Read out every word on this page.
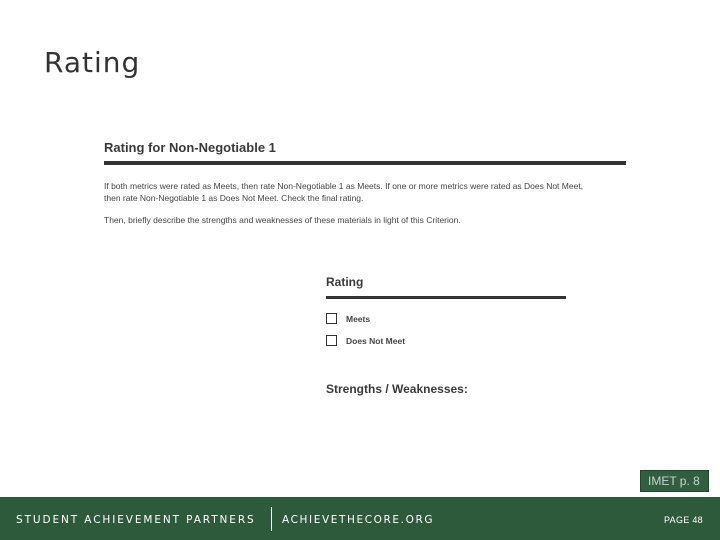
Rating
Rating for Non-Negotiable 1
If both metrics were rated as Meets, then rate Non-Negotiable 1 as Meets. If one or more metrics were rated as Does Not Meet,
then rate Non-Negotiable 1 as Does Not Meet. Check the final rating.
Then, briefly describe the strengths and weaknesses of these materials in light of this Criterion.
Rating
Meets
Does Not Meet
Strengths / Weaknesses:
IMET p. 8
STUDENT ACHIEVEMENT PARTNERS	ACHIEVETHECORE.ORG	PAGE 48
